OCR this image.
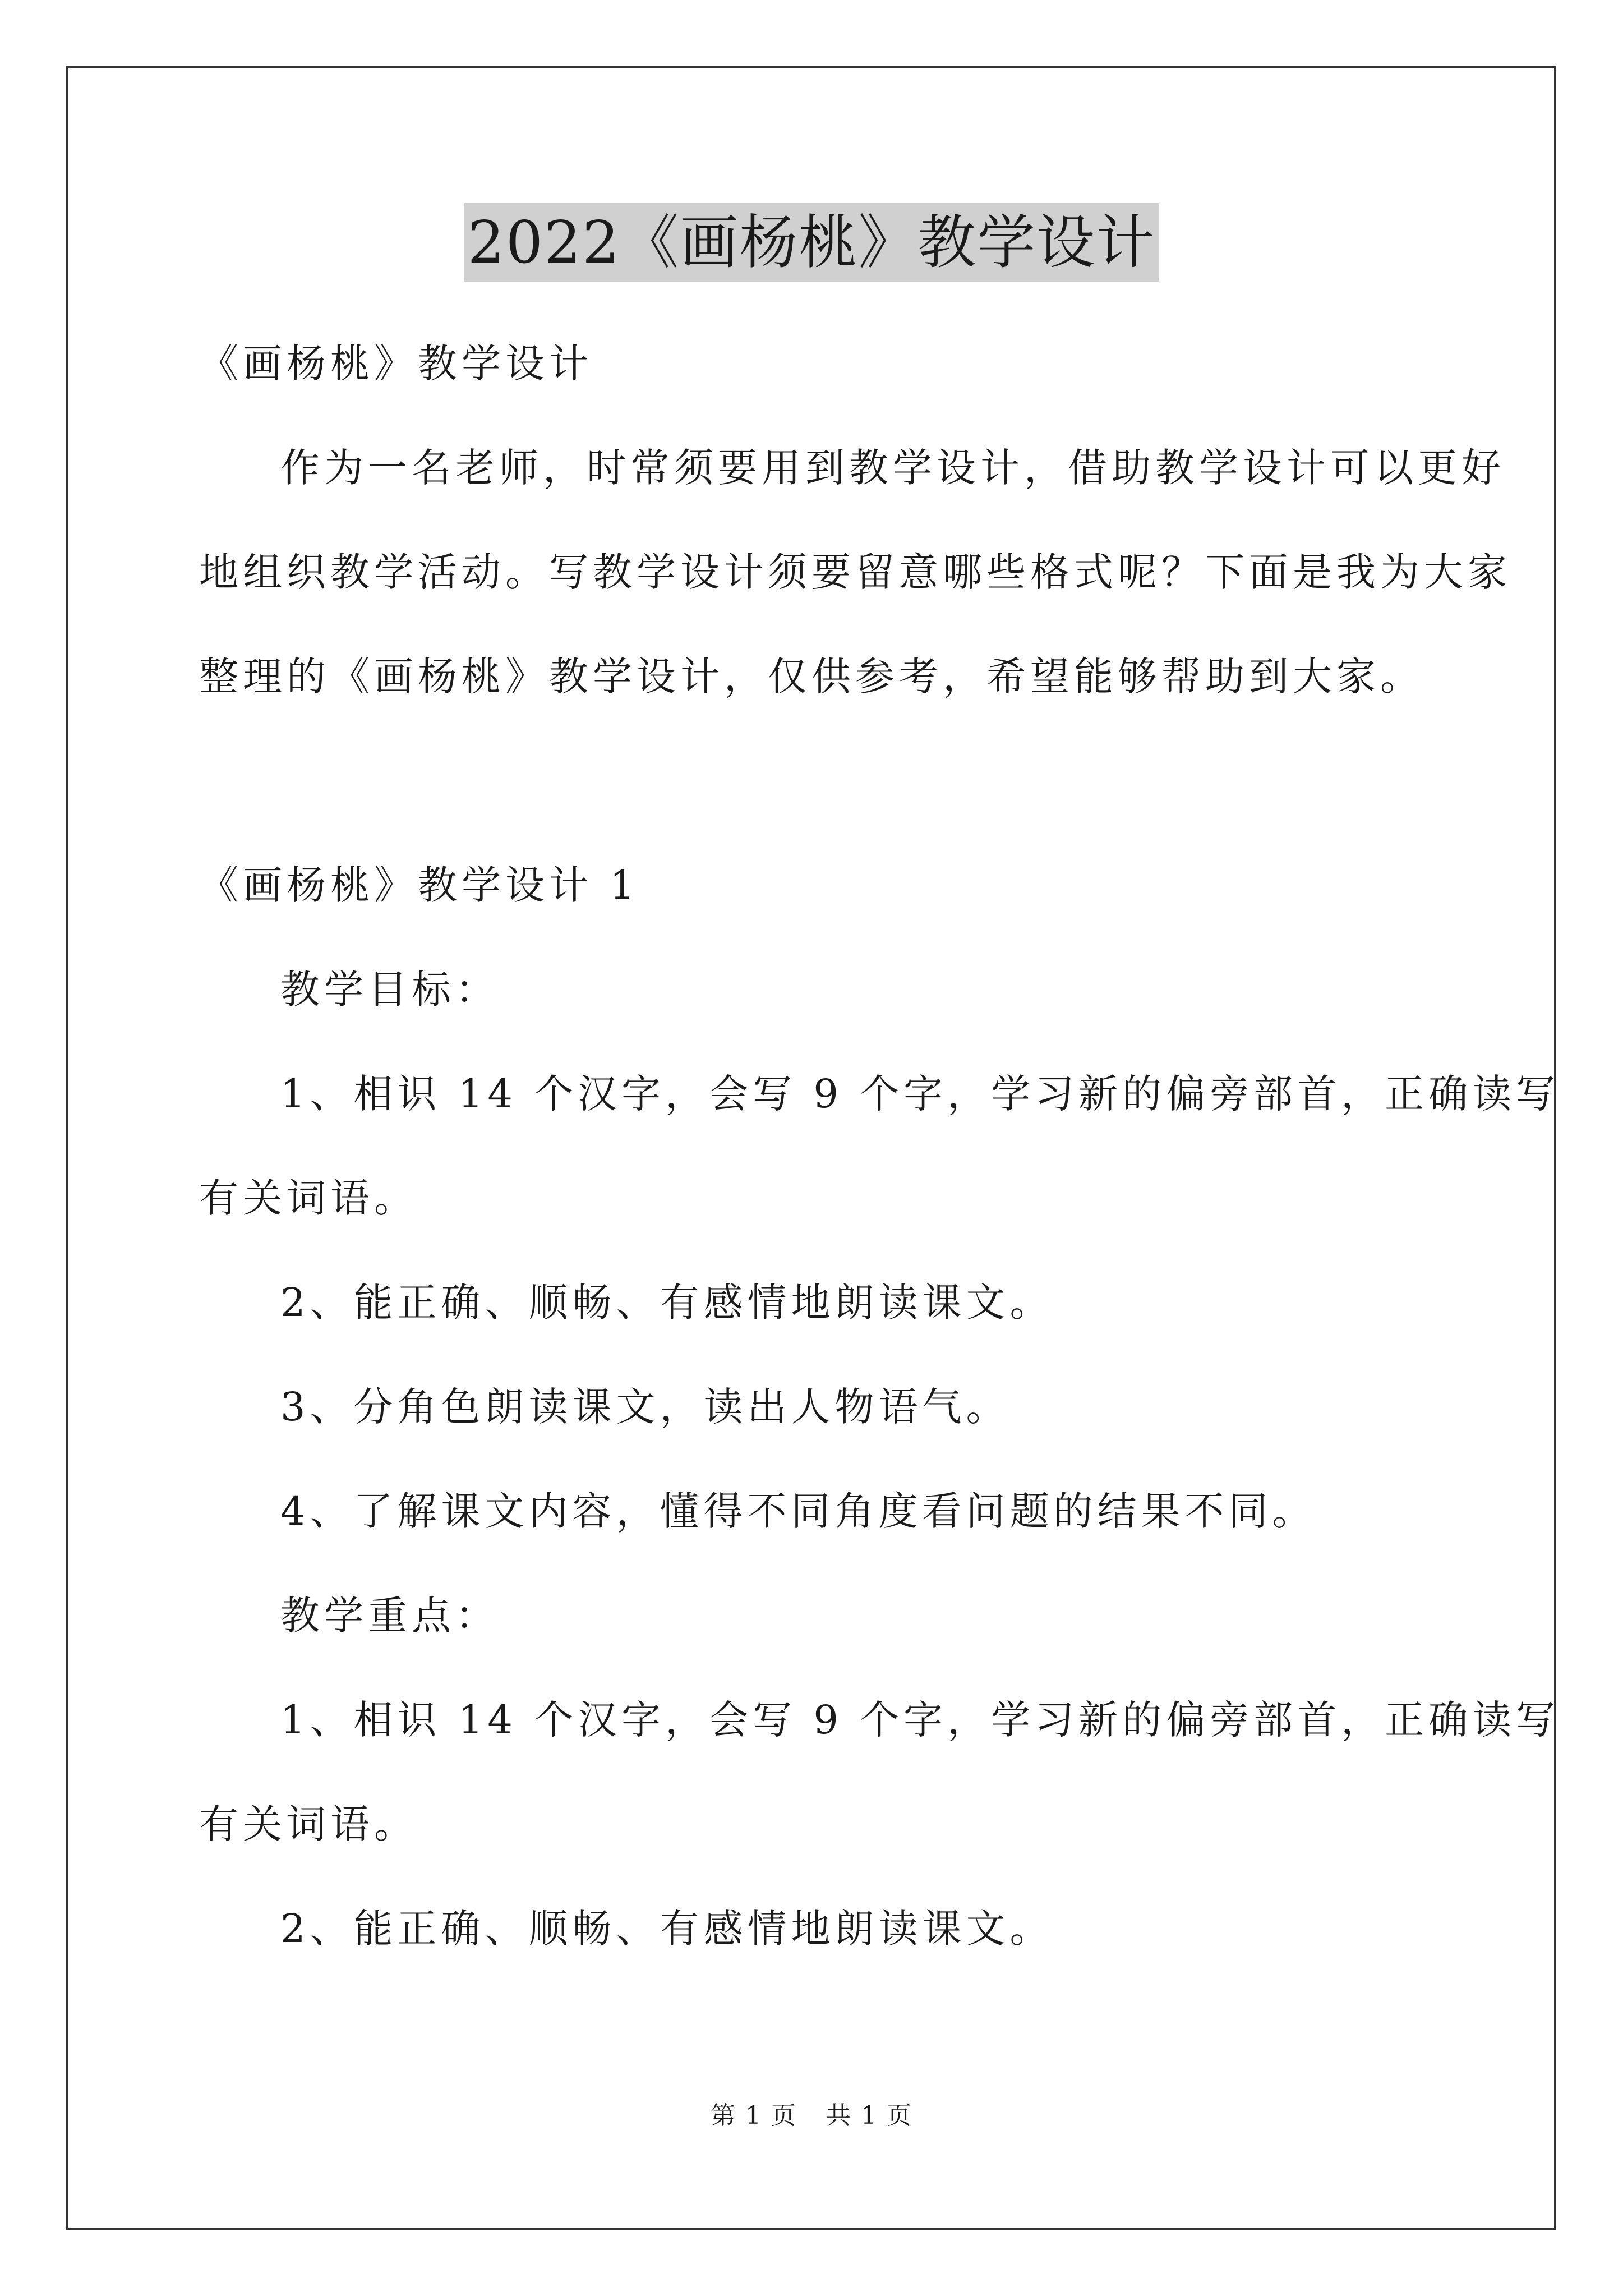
2022《画杨桃》教学设计
《画杨桃》教学设计
作为一名老师，时常须要用到教学设计，借助教学设计可以更好
地组织教学活动。写教学设计须要留意哪些格式呢？下面是我为大家
整理的《画杨桃》教学设计，仅供参考，希望能够帮助到大家。
《画杨桃》教学设计 1
教学目标：
1、相识 14 个汉字，会写 9 个字，学习新的偏旁部首，正确读写
有关词语。
2、能正确、顺畅、有感情地朗读课文。
3、分角色朗读课文，读出人物语气。
4、了解课文内容，懂得不同角度看问题的结果不同。
教学重点：
1、相识 14 个汉字，会写 9 个字，学习新的偏旁部首，正确读写
有关词语。
2、能正确、顺畅、有感情地朗读课文。
第 1 页 共 1 页
